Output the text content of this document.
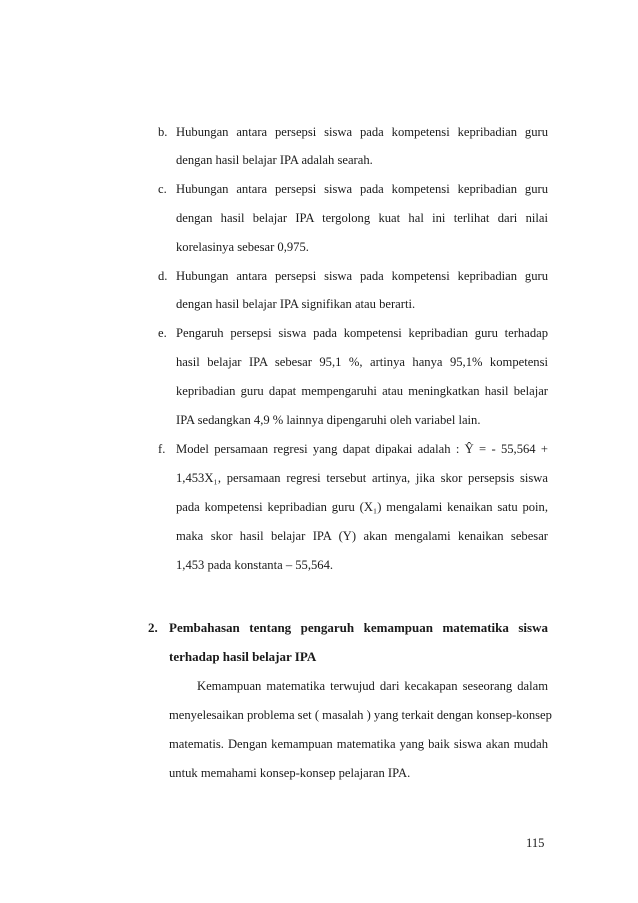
b. Hubungan antara persepsi siswa pada kompetensi kepribadian guru
dengan hasil belajar IPA adalah searah.
c. Hubungan antara persepsi siswa pada kompetensi kepribadian guru
dengan hasil belajar IPA tergolong kuat hal ini terlihat dari nilai
korelasinya sebesar 0,975.
d. Hubungan antara persepsi siswa pada kompetensi kepribadian guru
dengan hasil belajar IPA signifikan atau berarti.
e. Pengaruh persepsi siswa pada kompetensi kepribadian guru terhadap
hasil belajar IPA sebesar 95,1 %, artinya hanya 95,1% kompetensi
kepribadian guru dapat mempengaruhi atau meningkatkan hasil belajar
IPA sedangkan 4,9 % lainnya dipengaruhi oleh variabel lain.
f. Model persamaan regresi yang dapat dipakai adalah : Ŷ = - 55,564 +
1,453X₁, persamaan regresi tersebut artinya, jika skor persepsis siswa
pada kompetensi kepribadian guru (X₁) mengalami kenaikan satu poin,
maka skor hasil belajar IPA (Y) akan mengalami kenaikan sebesar
1,453 pada konstanta – 55,564.
2. Pembahasan tentang pengaruh kemampuan matematika siswa
terhadap hasil belajar IPA
Kemampuan matematika terwujud dari kecakapan seseorang dalam
menyelesaikan problema set ( masalah ) yang terkait dengan konsep-konsep
matematis. Dengan kemampuan matematika yang baik siswa akan mudah
untuk memahami konsep-konsep pelajaran IPA.
115
